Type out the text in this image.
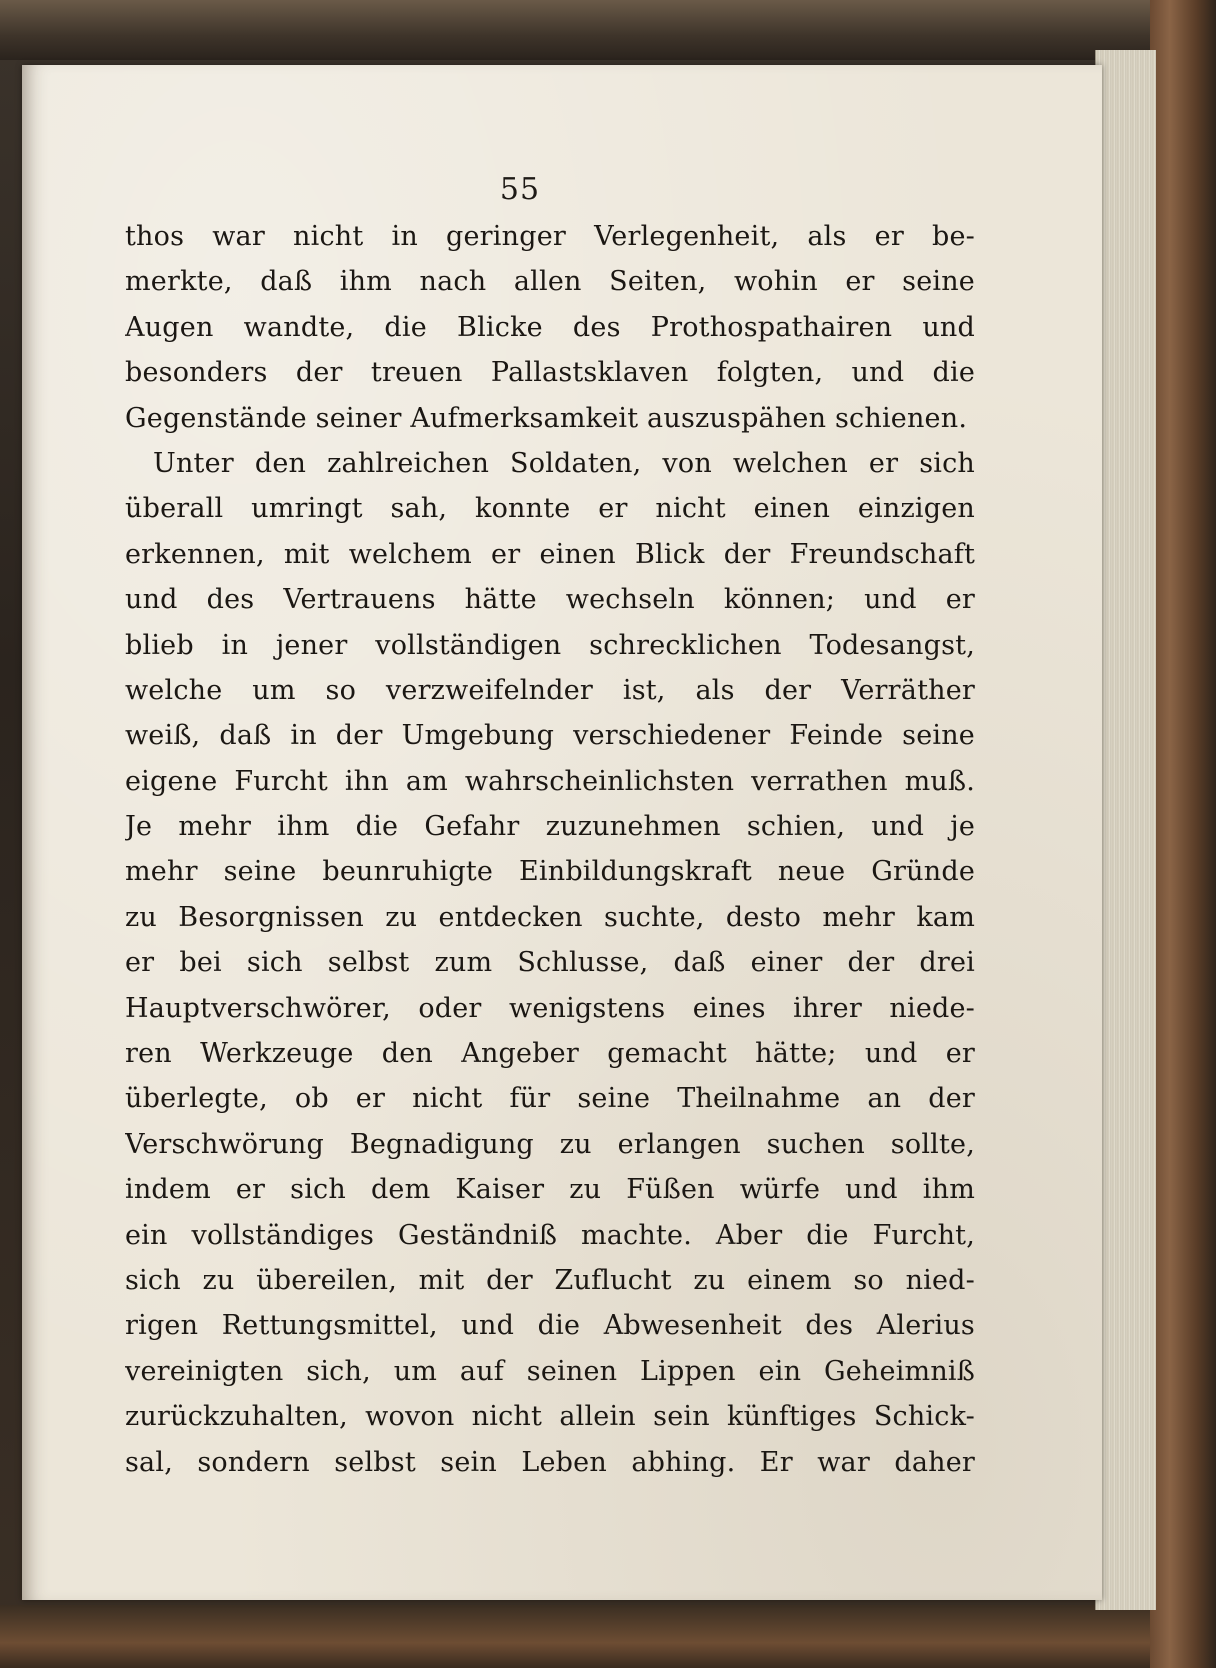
55
thos war nicht in geringer Verlegenheit, als er be-
merkte, daß ihm nach allen Seiten, wohin er seine
Augen wandte, die Blicke des Prothospathairen und
besonders der treuen Pallastsklaven folgten, und die
Gegenstände seiner Aufmerksamkeit auszuspähen schienen.
Unter den zahlreichen Soldaten, von welchen er sich
überall umringt sah, konnte er nicht einen einzigen
erkennen, mit welchem er einen Blick der Freundschaft
und des Vertrauens hätte wechseln können; und er
blieb in jener vollständigen schrecklichen Todesangst,
welche um so verzweifelnder ist, als der Verräther
weiß, daß in der Umgebung verschiedener Feinde seine
eigene Furcht ihn am wahrscheinlichsten verrathen muß.
Je mehr ihm die Gefahr zuzunehmen schien, und je
mehr seine beunruhigte Einbildungskraft neue Gründe
zu Besorgnissen zu entdecken suchte, desto mehr kam
er bei sich selbst zum Schlusse, daß einer der drei
Hauptverschwörer, oder wenigstens eines ihrer niede-
ren Werkzeuge den Angeber gemacht hätte; und er
überlegte, ob er nicht für seine Theilnahme an der
Verschwörung Begnadigung zu erlangen suchen sollte,
indem er sich dem Kaiser zu Füßen würfe und ihm
ein vollständiges Geständniß machte. Aber die Furcht,
sich zu übereilen, mit der Zuflucht zu einem so nied-
rigen Rettungsmittel, und die Abwesenheit des Alerius
vereinigten sich, um auf seinen Lippen ein Geheimniß
zurückzuhalten, wovon nicht allein sein künftiges Schick-
sal, sondern selbst sein Leben abhing. Er war daher
